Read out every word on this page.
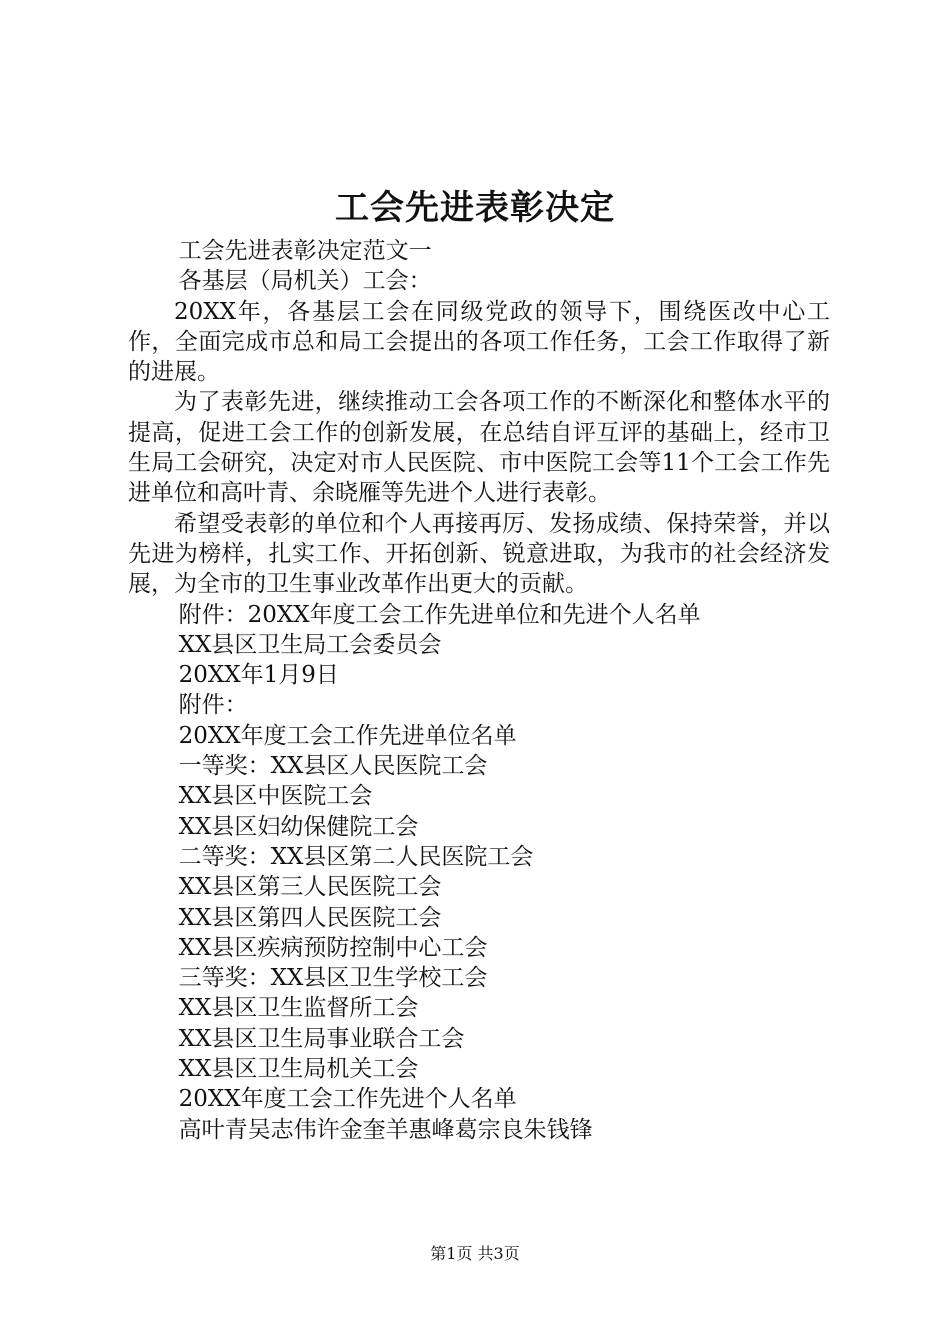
工会先进表彰决定

工会先进表彰决定范文一

各基层（局机关）工会：

20XX年，各基层工会在同级党政的领导下，围绕医改中心工作，全面完成市总和局工会提出的各项工作任务，工会工作取得了新的进展。

为了表彰先进，继续推动工会各项工作的不断深化和整体水平的提高，促进工会工作的创新发展，在总结自评互评的基础上，经市卫生局工会研究，决定对市人民医院、市中医院工会等11个工会工作先进单位和高叶青、余晓雁等先进个人进行表彰。

希望受表彰的单位和个人再接再厉、发扬成绩、保持荣誉，并以先进为榜样，扎实工作、开拓创新、锐意进取，为我市的社会经济发展，为全市的卫生事业改革作出更大的贡献。

附件：20XX年度工会工作先进单位和先进个人名单

XX县区卫生局工会委员会

20XX年1月9日

附件：

20XX年度工会工作先进单位名单

一等奖：XX县区人民医院工会

XX县区中医院工会

XX县区妇幼保健院工会

二等奖：XX县区第二人民医院工会

XX县区第三人民医院工会

XX县区第四人民医院工会

XX县区疾病预防控制中心工会

三等奖：XX县区卫生学校工会

XX县区卫生监督所工会

XX县区卫生局事业联合工会

XX县区卫生局机关工会

20XX年度工会工作先进个人名单

高叶青吴志伟许金奎羊惠峰葛宗良朱钱锋

第1页 共3页
